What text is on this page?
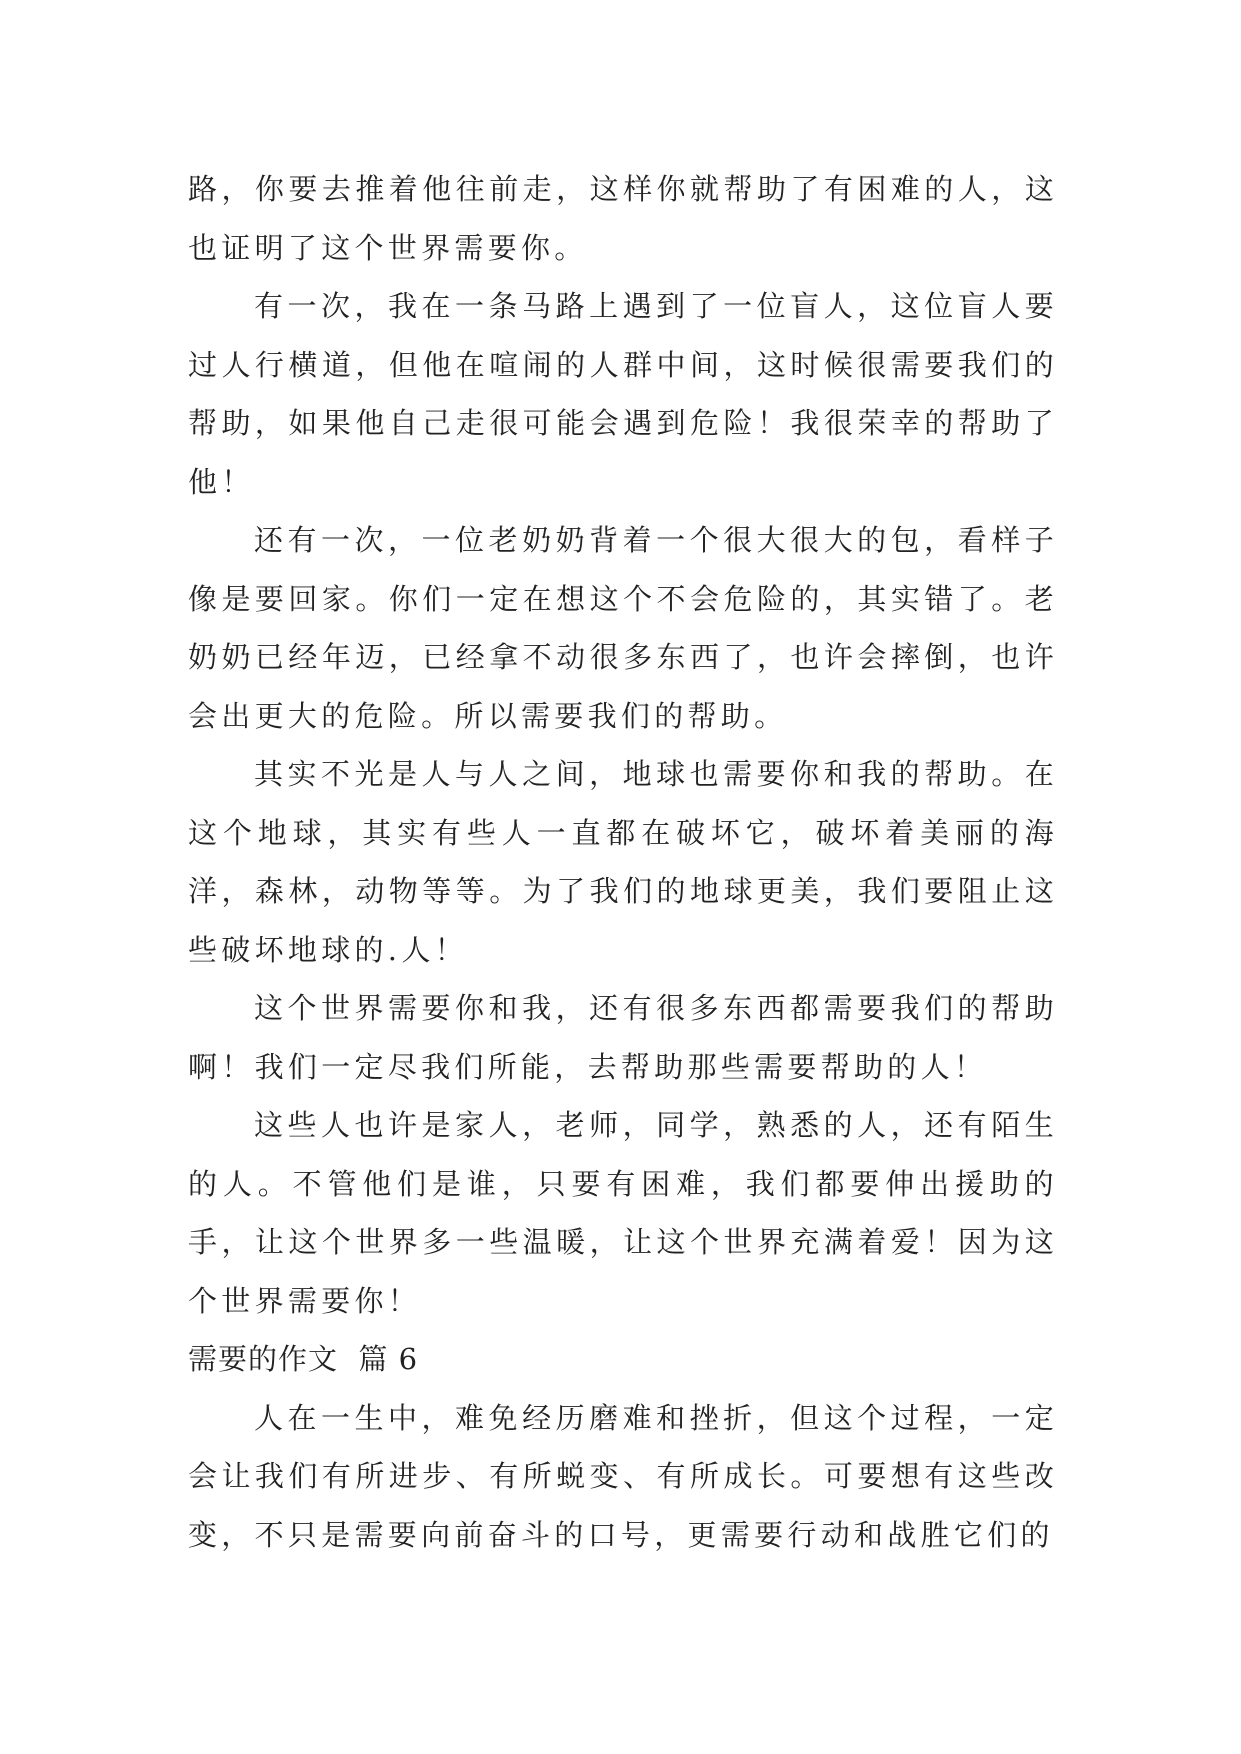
路，你要去推着他往前走，这样你就帮助了有困难的人，这也证明了这个世界需要你。

有一次，我在一条马路上遇到了一位盲人，这位盲人要过人行横道，但他在喧闹的人群中间，这时候很需要我们的帮助，如果他自己走很可能会遇到危险！我很荣幸的帮助了他！

还有一次，一位老奶奶背着一个很大很大的包，看样子像是要回家。你们一定在想这个不会危险的，其实错了。老奶奶已经年迈，已经拿不动很多东西了，也许会摔倒，也许会出更大的危险。所以需要我们的帮助。

其实不光是人与人之间，地球也需要你和我的帮助。在这个地球，其实有些人一直都在破坏它，破坏着美丽的海洋，森林，动物等等。为了我们的地球更美，我们要阻止这些破坏地球的.人！

这个世界需要你和我，还有很多东西都需要我们的帮助啊！我们一定尽我们所能，去帮助那些需要帮助的人！

这些人也许是家人，老师，同学，熟悉的人，还有陌生的人。不管他们是谁，只要有困难，我们都要伸出援助的手，让这个世界多一些温暖，让这个世界充满着爱！因为这个世界需要你！

需要的作文  篇 6

人在一生中，难免经历磨难和挫折，但这个过程，一定会让我们有所进步、有所蜕变、有所成长。可要想有这些改变，不只是需要向前奋斗的口号，更需要行动和战胜它们的
